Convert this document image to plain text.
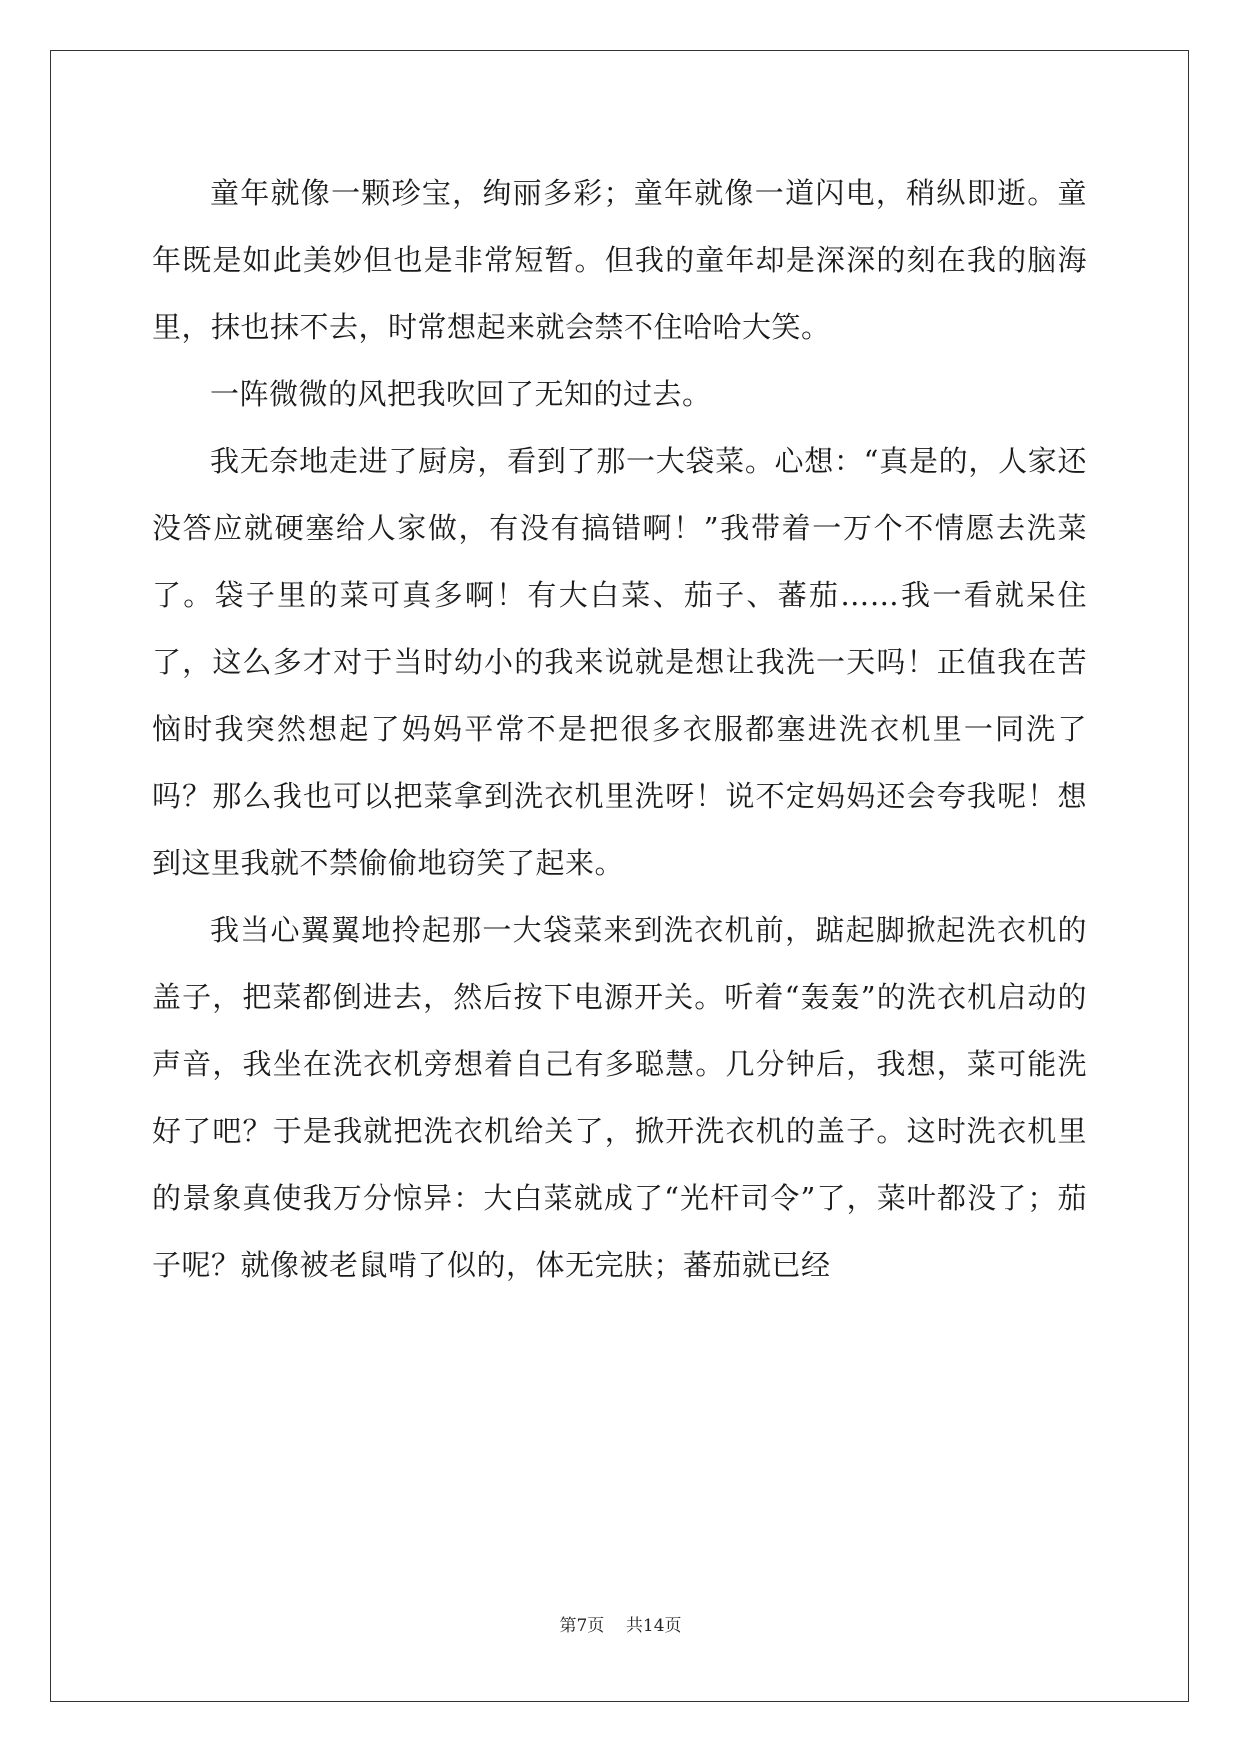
童年就像一颗珍宝，绚丽多彩；童年就像一道闪电，稍纵即逝。童年既是如此美妙但也是非常短暂。但我的童年却是深深的刻在我的脑海里，抹也抹不去，时常想起来就会禁不住哈哈大笑。

一阵微微的风把我吹回了无知的过去。

我无奈地走进了厨房，看到了那一大袋菜。心想：“真是的，人家还没答应就硬塞给人家做，有没有搞错啊！”我带着一万个不情愿去洗菜了。袋子里的菜可真多啊！有大白菜、茄子、蕃茄……我一看就呆住了，这么多才对于当时幼小的我来说就是想让我洗一天吗！正值我在苦恼时我突然想起了妈妈平常不是把很多衣服都塞进洗衣机里一同洗了吗？那么我也可以把菜拿到洗衣机里洗呀！说不定妈妈还会夸我呢！想到这里我就不禁偷偷地窃笑了起来。

我当心翼翼地拎起那一大袋菜来到洗衣机前，踮起脚掀起洗衣机的盖子，把菜都倒进去，然后按下电源开关。听着“轰轰”的洗衣机启动的声音，我坐在洗衣机旁想着自己有多聪慧。几分钟后，我想，菜可能洗好了吧？于是我就把洗衣机给关了，掀开洗衣机的盖子。这时洗衣机里的景象真使我万分惊异：大白菜就成了“光杆司令”了，菜叶都没了；茄子呢？就像被老鼠啃了似的，体无完肤；蕃茄就已经

第7页 共14页
